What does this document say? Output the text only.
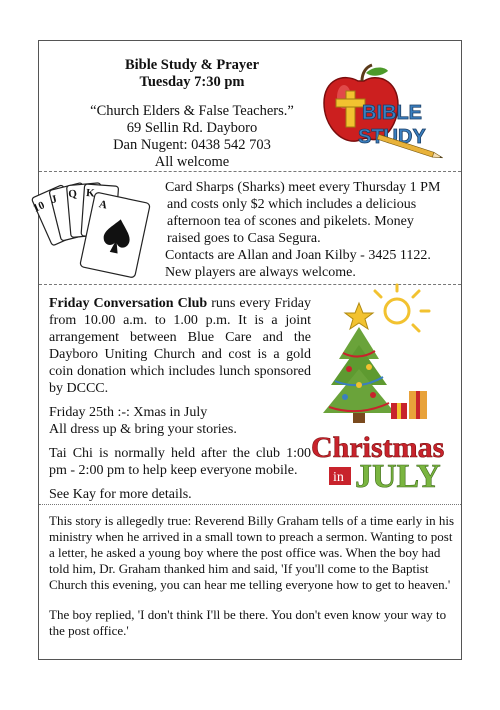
Bible Study & Prayer
Tuesday 7:30 pm
“Church Elders & False Teachers.”
69 Sellin Rd. Dayboro
Dan Nugent: 0438 542 703
All welcome
BIBLE
STUDY
10 J Q K
A

Card Sharps (Sharks) meet every Thursday 1 PM

and costs only $2 which includes a delicious

afternoon tea of scones and pikelets. Money

raised goes to Casa Segura.

Contacts are Allan and Joan Kilby - 3425 1122.

New players are always welcome.

Friday Conversation Club runs every Friday from 10.00 a.m. to 1.00 p.m. It is a joint arrangement between Blue Care and the Dayboro Uniting Church and cost is a gold coin donation which includes lunch sponsored by DCCC.

Friday 25th :-: Xmas in July
All dress up & bring your stories.

Tai Chi is normally held after the club 1:00 pm - 2:00 pm to help keep everyone mobile.

See Kay for more details.

Christmas
in JULY

This story is allegedly true: Reverend Billy Graham tells of a time early in his ministry when he arrived in a small town to preach a sermon. Wanting to post a letter, he asked a young boy where the post office was. When the boy had told him, Dr. Graham thanked him and said, 'If you'll come to the Baptist Church this evening, you can hear me telling everyone how to get to heaven.'

The boy replied, 'I don't think I'll be there. You don't even know your way to the post office.'
